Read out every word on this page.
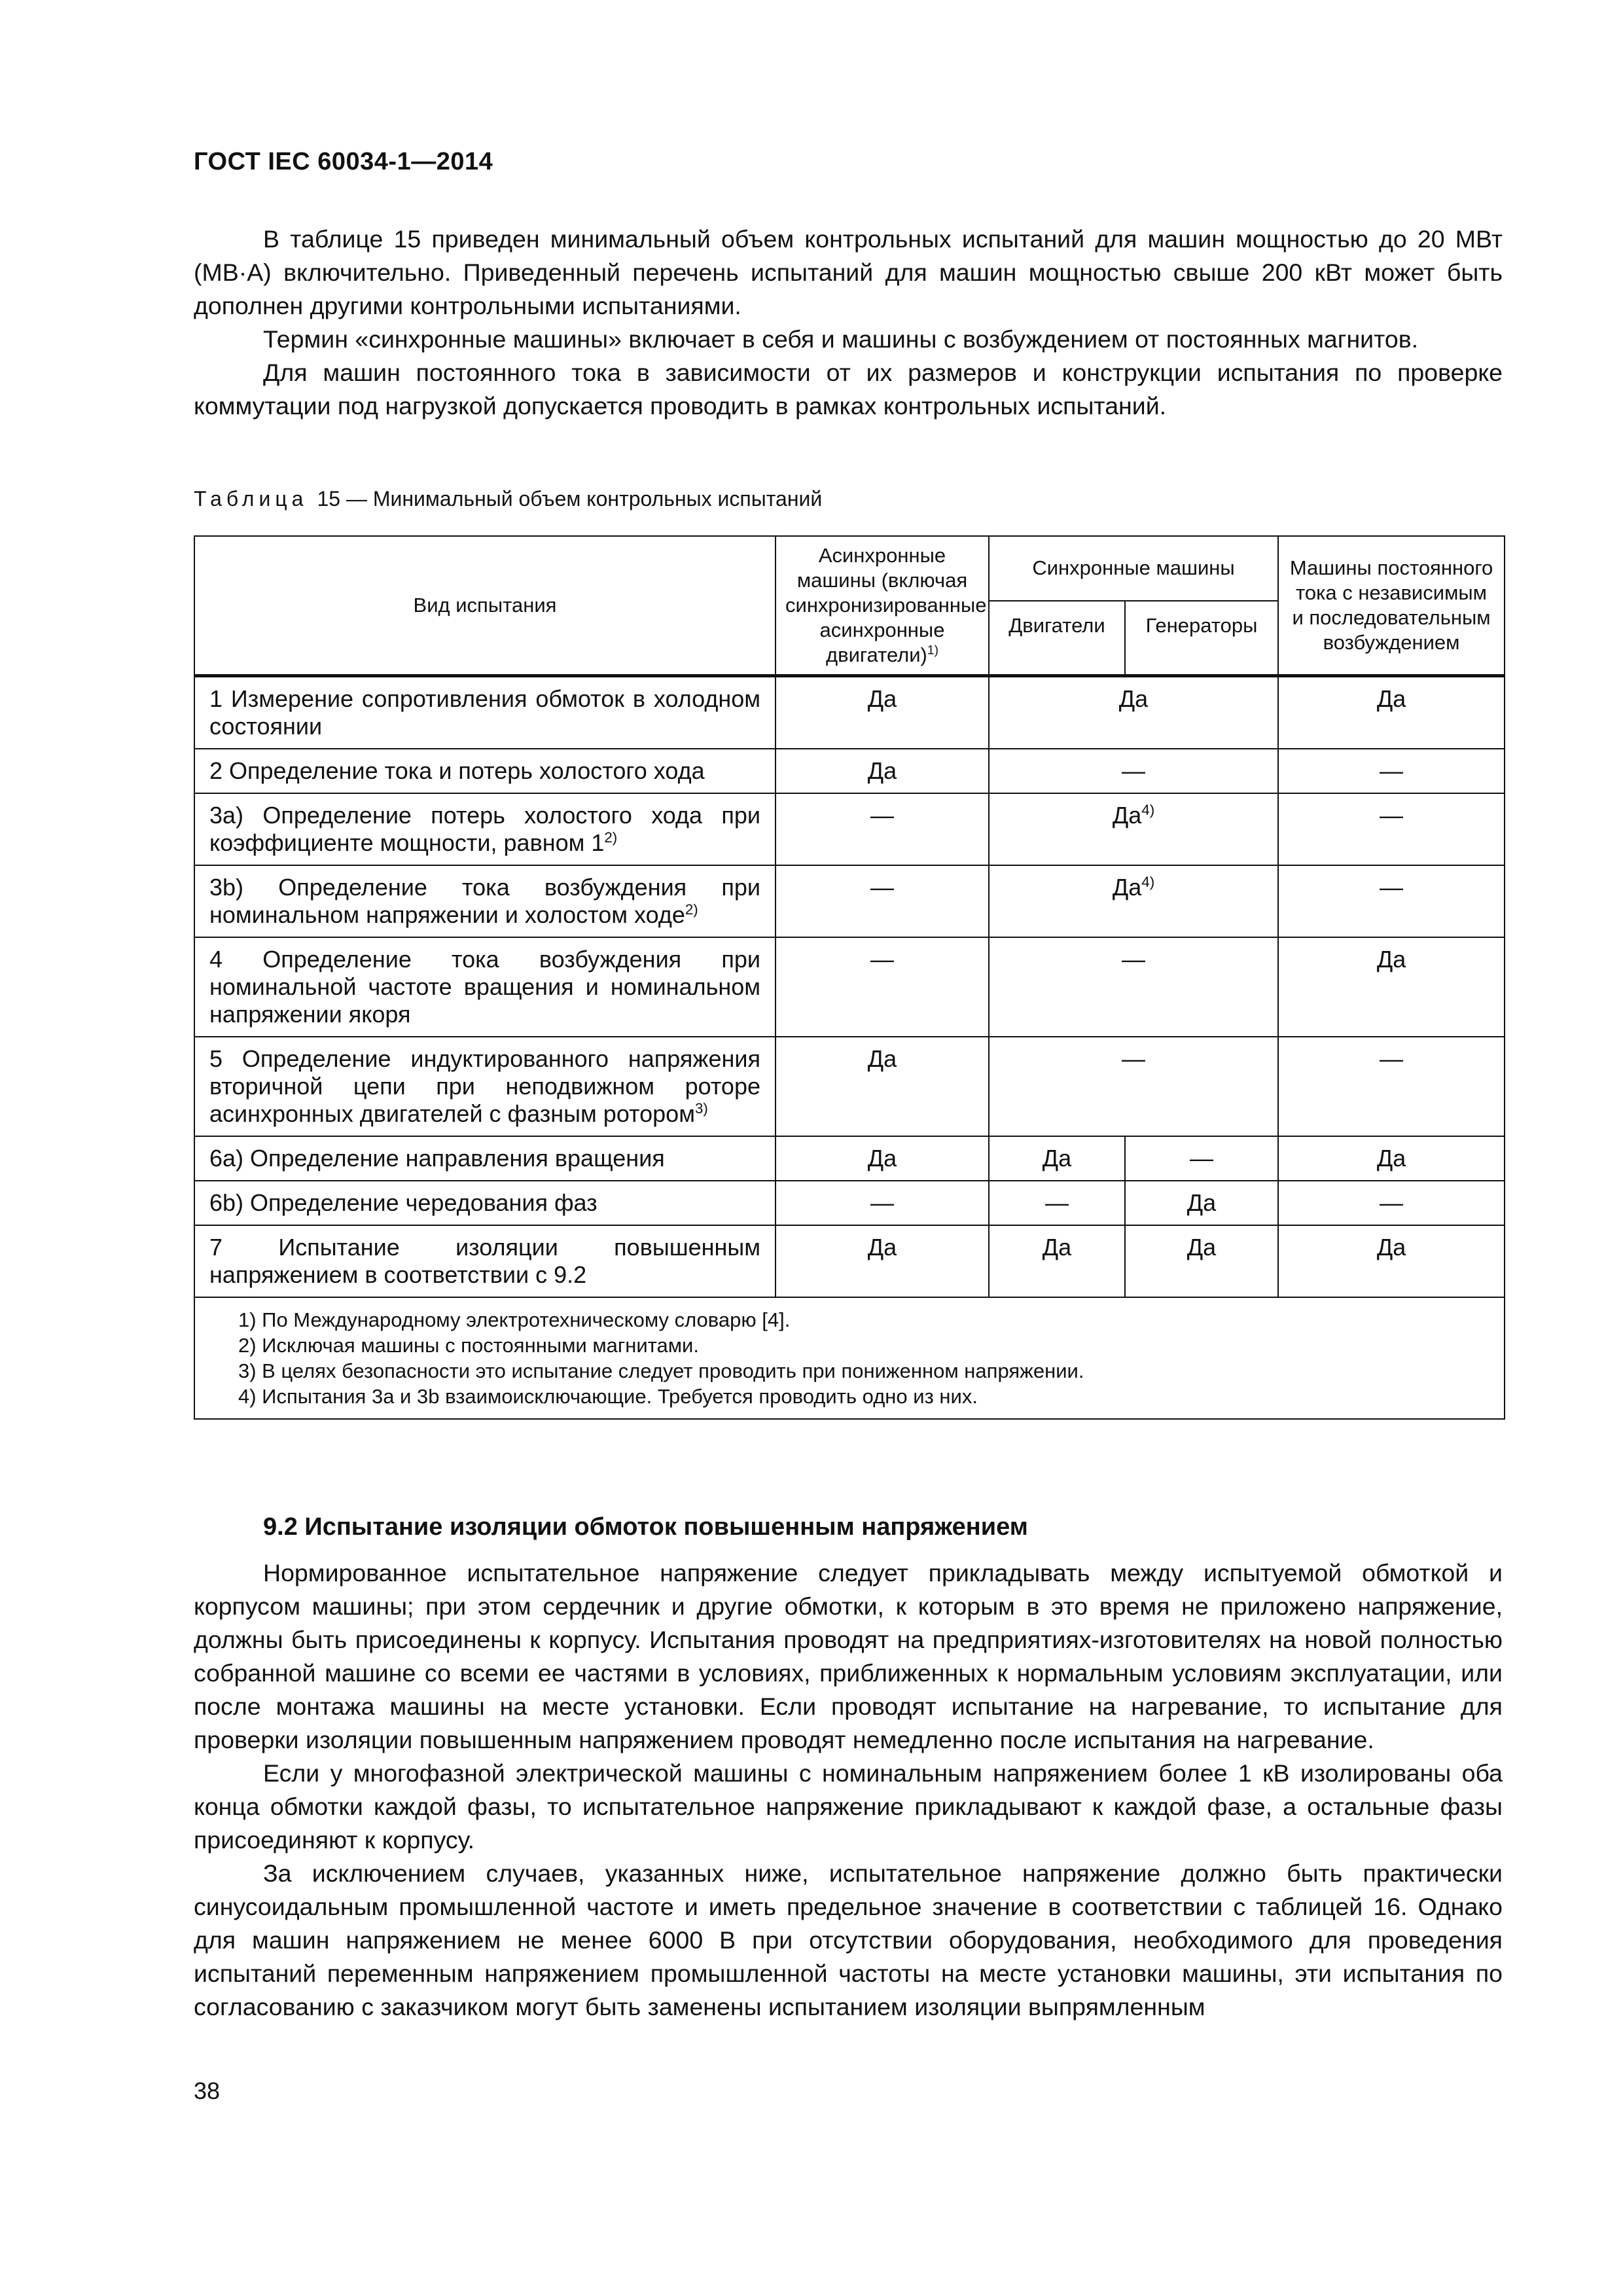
ГОСТ IEC 60034-1—2014

В таблице 15 приведен минимальный объем контрольных испытаний для машин мощностью до 20 МВт (МВ·А) включительно. Приведенный перечень испытаний для машин мощностью свыше 200 кВт может быть дополнен другими контрольными испытаниями.

Термин «синхронные машины» включает в себя и машины с возбуждением от постоянных магнитов.

Для машин постоянного тока в зависимости от их размеров и конструкции испытания по проверке коммутации под нагрузкой допускается проводить в рамках контрольных испытаний.

Таблица 15 — Минимальный объем контрольных испытаний
Вид испытания	Асинхронные машины (включая синхронизированные асинхронные двигатели)$^{1)}$	Синхронные машины		Машины постоянного тока с независимым и последовательным возбуждением
		Двигатели	Генераторы	
1 Измерение сопротивления обмоток в холодном состоянии	Да	Да		Да
2 Определение тока и потерь холостого хода	Да	—		—
3a) Определение потерь холостого хода при коэффициенте мощности, равном 1$^{2)}$	—	$Да^{4)}$		—
3b) Определение тока возбуждения при номинальном напряжении и холостом ходе$^{2)}$	—	$Да^{4)}$		—
4 Определение тока возбуждения при номинальной частоте вращения и номинальном напряжении якоря	—	—		Да
5 Определение индуктированного напряжения вторичной цепи при неподвижном роторе асинхронных двигателей с фазным ротором$^{3)}$	Да	—		—
6a) Определение направления вращения	Да	Да	—	Да
6b) Определение чередования фаз	—	—	Да	—
7 Испытание изоляции повышенным напряжением в соответствии с 9.2	Да	Да	Да	Да

1) По Международному электротехническому словарю [4].
2) Исключая машины с постоянными магнитами.
3) В целях безопасности это испытание следует проводить при пониженном напряжении.
4) Испытания 3a и 3b взаимоисключающие. Требуется проводить одно из них.				
9.2 Испытание изоляции обмоток повышенным напряжением

Нормированное испытательное напряжение следует прикладывать между испытуемой обмоткой и корпусом машины; при этом сердечник и другие обмотки, к которым в это время не приложено напряжение, должны быть присоединены к корпусу. Испытания проводят на предприятиях-изготовителях на новой полностью собранной машине со всеми ее частями в условиях, приближенных к нормальным условиям эксплуатации, или после монтажа машины на месте установки. Если проводят испытание на нагревание, то испытание для проверки изоляции повышенным напряжением проводят немедленно после испытания на нагревание.

Если у многофазной электрической машины с номинальным напряжением более 1 кВ изолированы оба конца обмотки каждой фазы, то испытательное напряжение прикладывают к каждой фазе, а остальные фазы присоединяют к корпусу.

За исключением случаев, указанных ниже, испытательное напряжение должно быть практически синусоидальным промышленной частоте и иметь предельное значение в соответствии с таблицей 16. Однако для машин напряжением не менее 6000 В при отсутствии оборудования, необходимого для проведения испытаний переменным напряжением промышленной частоты на месте установки машины, эти испытания по согласованию с заказчиком могут быть заменены испытанием изоляции выпрямленным

38
